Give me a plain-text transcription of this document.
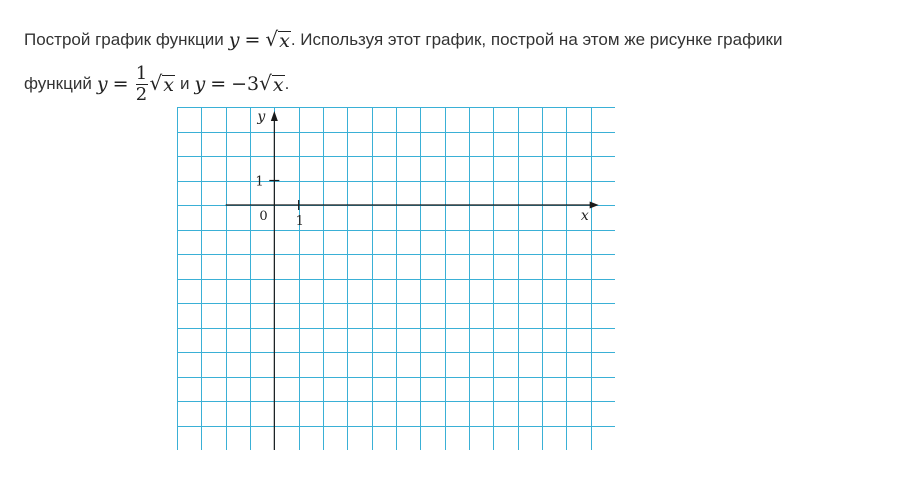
Построй график функции y = √ x . Используя этот график, построй на этом же рисунке графики
функций $y = \frac{1}{2}$ √ x и y = −3 √ x .
x
y
0 1
1
